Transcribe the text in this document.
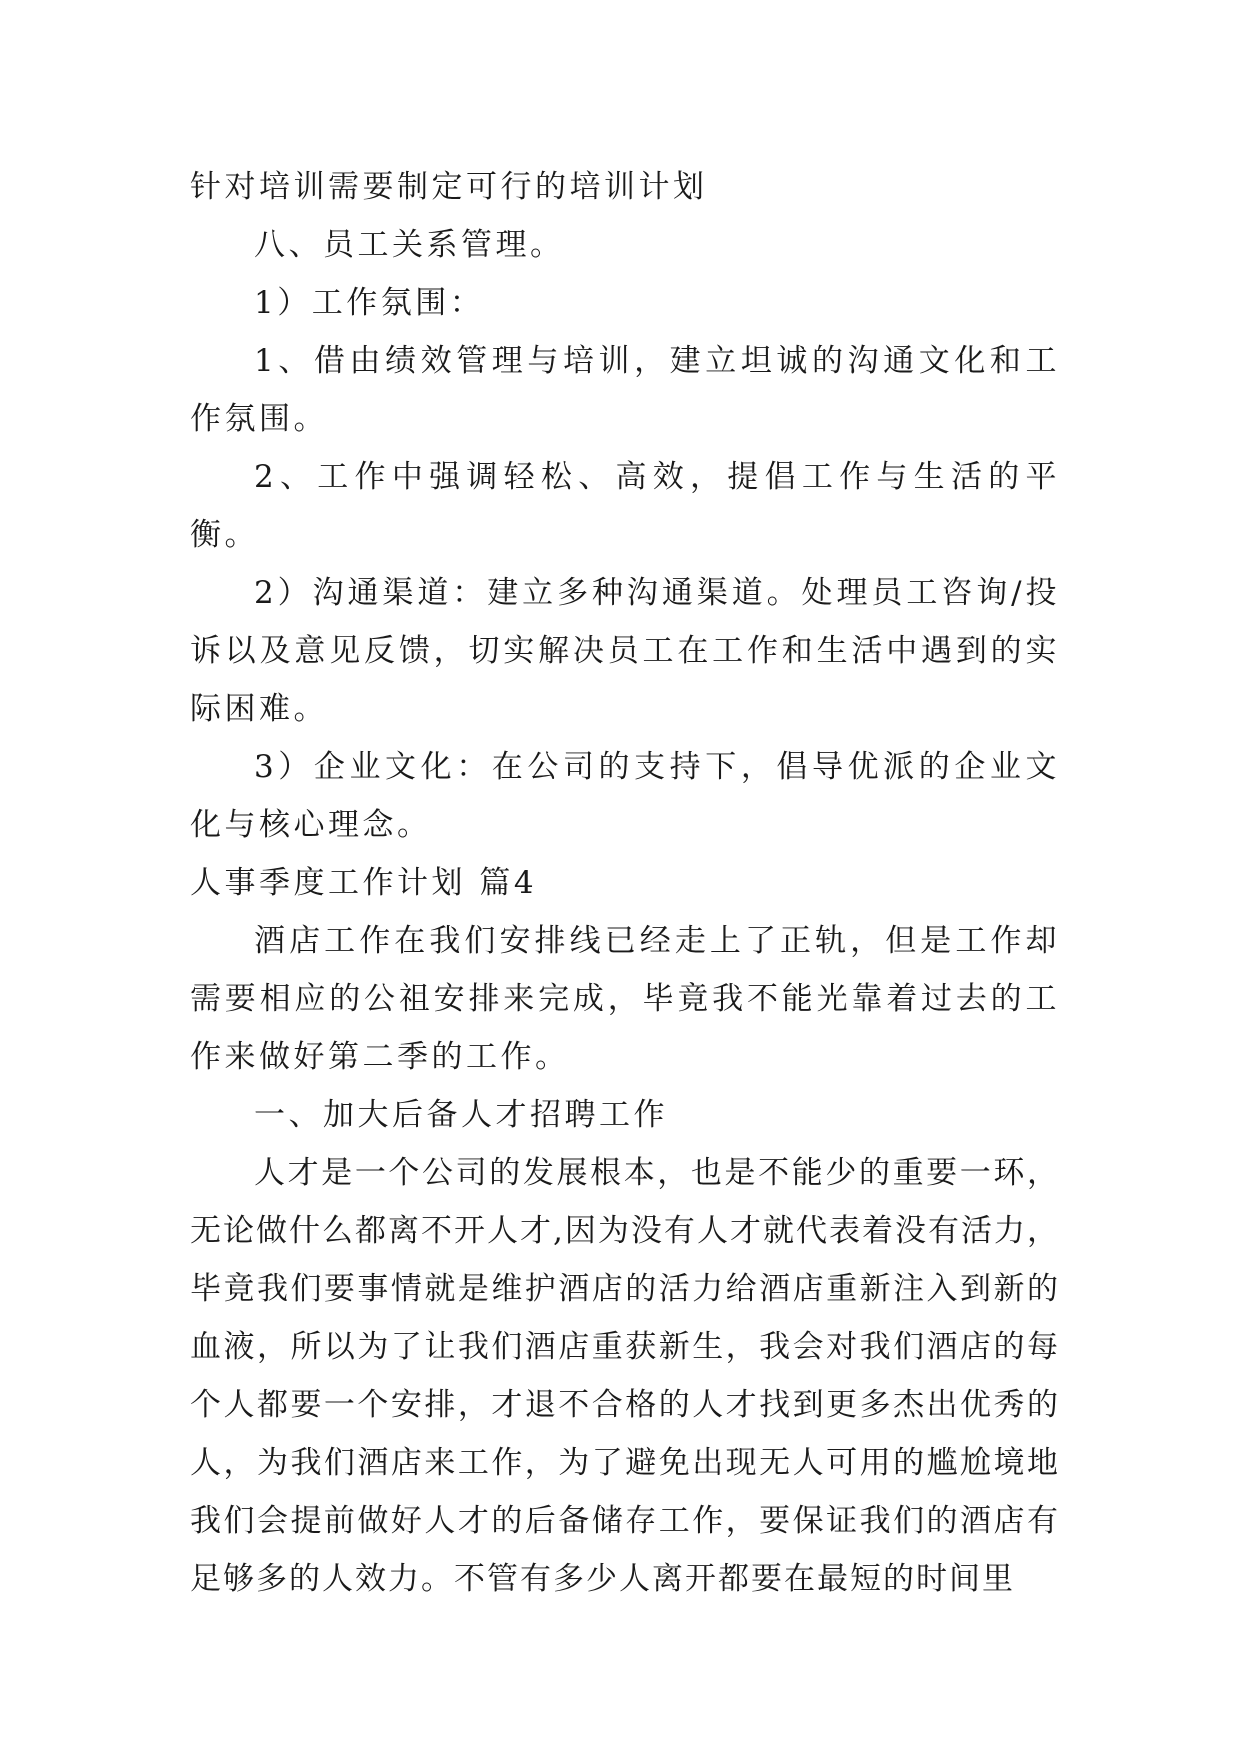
针对培训需要制定可行的培训计划

八、员工关系管理。

1）工作氛围：

1、借由绩效管理与培训，建立坦诚的沟通文化和工作氛围。

2、工作中强调轻松、高效，提倡工作与生活的平衡。

2）沟通渠道：建立多种沟通渠道。处理员工咨询/投诉以及意见反馈，切实解决员工在工作和生活中遇到的实际困难。

3）企业文化：在公司的支持下，倡导优派的企业文化与核心理念。

人事季度工作计划 篇4

酒店工作在我们安排线已经走上了正轨，但是工作却需要相应的公祖安排来完成，毕竟我不能光靠着过去的工作来做好第二季的工作。

一、加大后备人才招聘工作

人才是一个公司的发展根本，也是不能少的重要一环，无论做什么都离不开人才,因为没有人才就代表着没有活力，毕竟我们要事情就是维护酒店的活力给酒店重新注入到新的血液，所以为了让我们酒店重获新生，我会对我们酒店的每个人都要一个安排，才退不合格的人才找到更多杰出优秀的人，为我们酒店来工作，为了避免出现无人可用的尴尬境地我们会提前做好人才的后备储存工作，要保证我们的酒店有足够多的人效力。不管有多少人离开都要在最短的时间里
